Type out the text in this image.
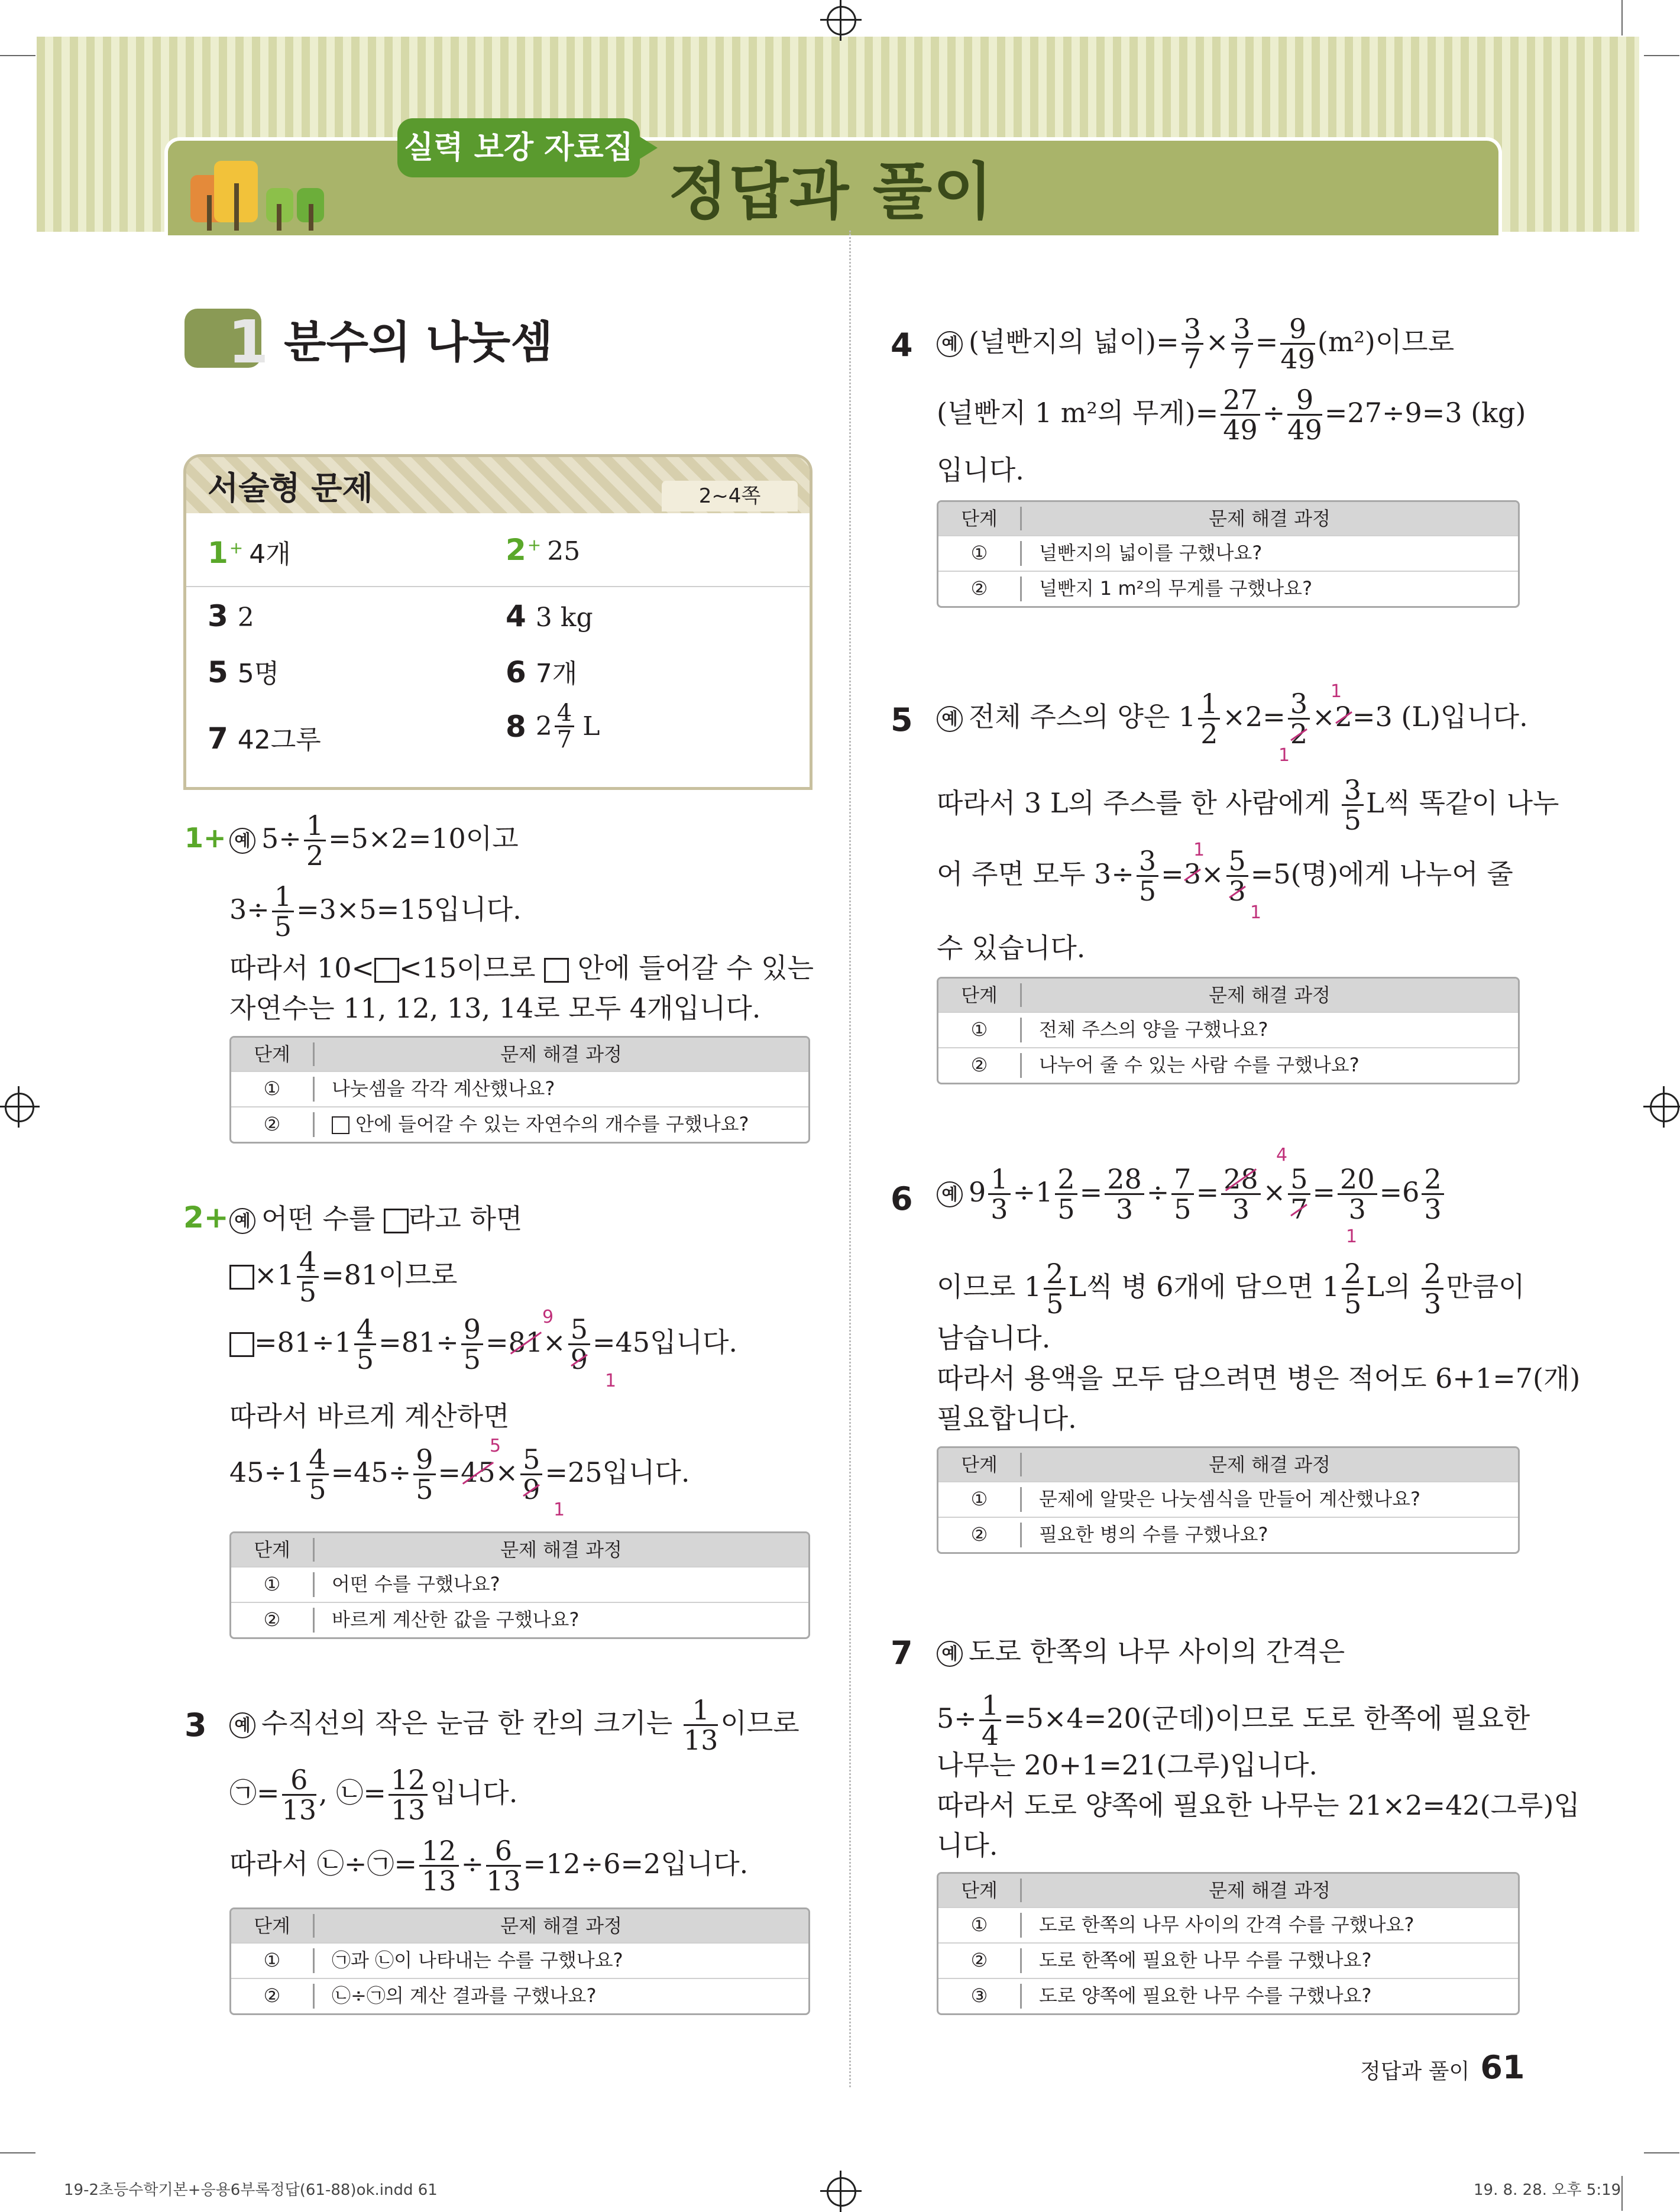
실력 보강 자료집
정답과 풀이
1 분수의 나눗셈
서술형 문제	2~4쪽
1+ 4개	2+ 25
3 2	4 3 kg
5 5명	6 7개
7 42그루	8 $2 \frac{4}{7}$ L
1+ 예 $5\div \frac{1}{2} =5\times 2=10$이고
$3\div \frac{1}{5} =3\times 5=15$입니다.
따라서 10< <15이므로 안에 들어갈 수 있는
자연수는 11, 12, 13, 14로 모두 4개입니다.
단계	문제 해결 과정
①	나눗셈을 각각 계산했나요?
②	안에 들어갈 수 있는 자연수의 개수를 구했나요?
2+ 예 어떤 수를 라고 하면
$\times 1 \frac{4}{5} =81$이므로
$=81\div 1 \frac{4}{5} =81\div \frac{9}{5} =81\times \frac{5}{9} =45$입니다.
9
1
따라서 바르게 계산하면
$45\div 1 \frac{4}{5} =45\div \frac{9}{5} =45\times \frac{5}{9} =25$입니다.
5
1
단계	문제 해결 과정
①	어떤 수를 구했나요?
②	바르게 계산한 값을 구했나요?
3	예 수직선의 작은 눈금 한 칸의 크기는 $\frac{1}{13}$ 이므로
㉠= $\frac{6}{13}$ , ㉡= $\frac{12}{13}$ 입니다.
따라서 ㉡÷㉠= $\frac{12}{13} \div \frac{6}{13} =12\div 6=2$입니다.
단계	문제 해결 과정
①	㉠과 ㉡이 나타내는 수를 구했나요?
②	㉡÷㉠의 계산 결과를 구했나요?
4	예 (널빤지의 넓이)= $\frac{3}{7} \times \frac{3}{7} = \frac{9}{49} (m^2)$이므로
(널빤지 1 m²의 무게)= $\frac{27}{49} \div \frac{9}{49} =27\div 9=3$ (kg)
입니다.
단계	문제 해결 과정
①	널빤지의 넓이를 구했나요?
②	널빤지 1 m²의 무게를 구했나요?
5	예 전체 주스의 양은 $1 \frac{1}{2} \times 2= \frac{3}{2} \times 2=3$ (L)입니다.
1
1
따라서 3 L의 주스를 한 사람에게 $\frac{3}{5}$ L씩 똑같이 나누
어 주면 모두 $3\div \frac{3}{5} =3\times \frac{5}{3} =5$(명)에게 나누어 줄
1
1
수 있습니다.
단계	문제 해결 과정
①	전체 주스의 양을 구했나요?
②	나누어 줄 수 있는 사람 수를 구했나요?
6	예 $9 \frac{1}{3} \div 1 \frac{2}{5} = \frac{28}{3} \div \frac{7}{5} = \frac{28}{3} \times \frac{5}{7} = \frac{20}{3} =6 \frac{2}{3}$
4
1
이므로 $1 \frac{2}{5}$ L씩 병 6개에 담으면 $1 \frac{2}{5}$ L의 $\frac{2}{3}$ 만큼이
남습니다.
따라서 용액을 모두 담으려면 병은 적어도 6+1=7(개)
필요합니다.
단계	문제 해결 과정
①	문제에 알맞은 나눗셈식을 만들어 계산했나요?
②	필요한 병의 수를 구했나요?
7	예 도로 한쪽의 나무 사이의 간격은
$5\div \frac{1}{4} =5\times 4=20$(군데)이므로 도로 한쪽에 필요한
나무는 20+1=21(그루)입니다.
따라서 도로 양쪽에 필요한 나무는 21×2=42(그루)입
니다.
단계	문제 해결 과정
①	도로 한쪽의 나무 사이의 간격 수를 구했나요?
②	도로 한쪽에 필요한 나무 수를 구했나요?
③	도로 양쪽에 필요한 나무 수를 구했나요?
정답과 풀이 61
19-2초등수학기본+응용6부록정답(61-88)ok.indd 61	19. 8. 28. 오후 5:19
